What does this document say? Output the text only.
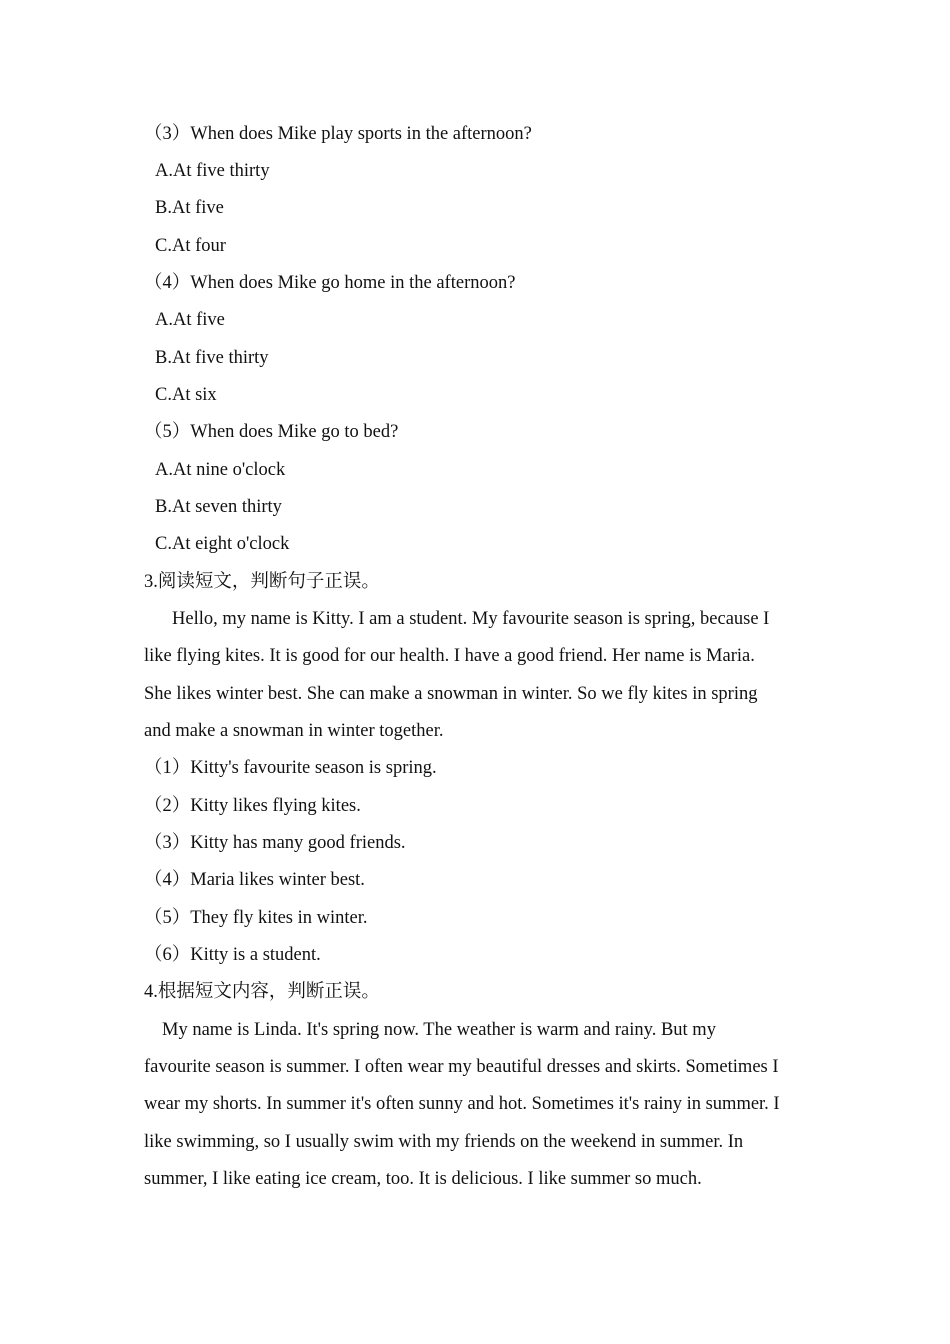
（3）When does Mike play sports in the afternoon?
A.At five thirty
B.At five
C.At four
（4）When does Mike go home in the afternoon?
A.At five
B.At five thirty
C.At six
（5）When does Mike go to bed?
A.At nine o'clock
B.At seven thirty
C.At eight o'clock
3.阅读短文，判断句子正误。
Hello, my name is Kitty. I am a student. My favourite season is spring, because I
like flying kites. It is good for our health. I have a good friend. Her name is Maria.
She likes winter best. She can make a snowman in winter. So we fly kites in spring
and make a snowman in winter together.
（1）Kitty's favourite season is spring.
（2）Kitty likes flying kites.
（3）Kitty has many good friends.
（4）Maria likes winter best.
（5）They fly kites in winter.
（6）Kitty is a student.
4.根据短文内容，判断正误。
My name is Linda. It's spring now. The weather is warm and rainy. But my
favourite season is summer. I often wear my beautiful dresses and skirts. Sometimes I
wear my shorts. In summer it's often sunny and hot. Sometimes it's rainy in summer. I
like swimming, so I usually swim with my friends on the weekend in summer. In
summer, I like eating ice cream, too. It is delicious. I like summer so much.
